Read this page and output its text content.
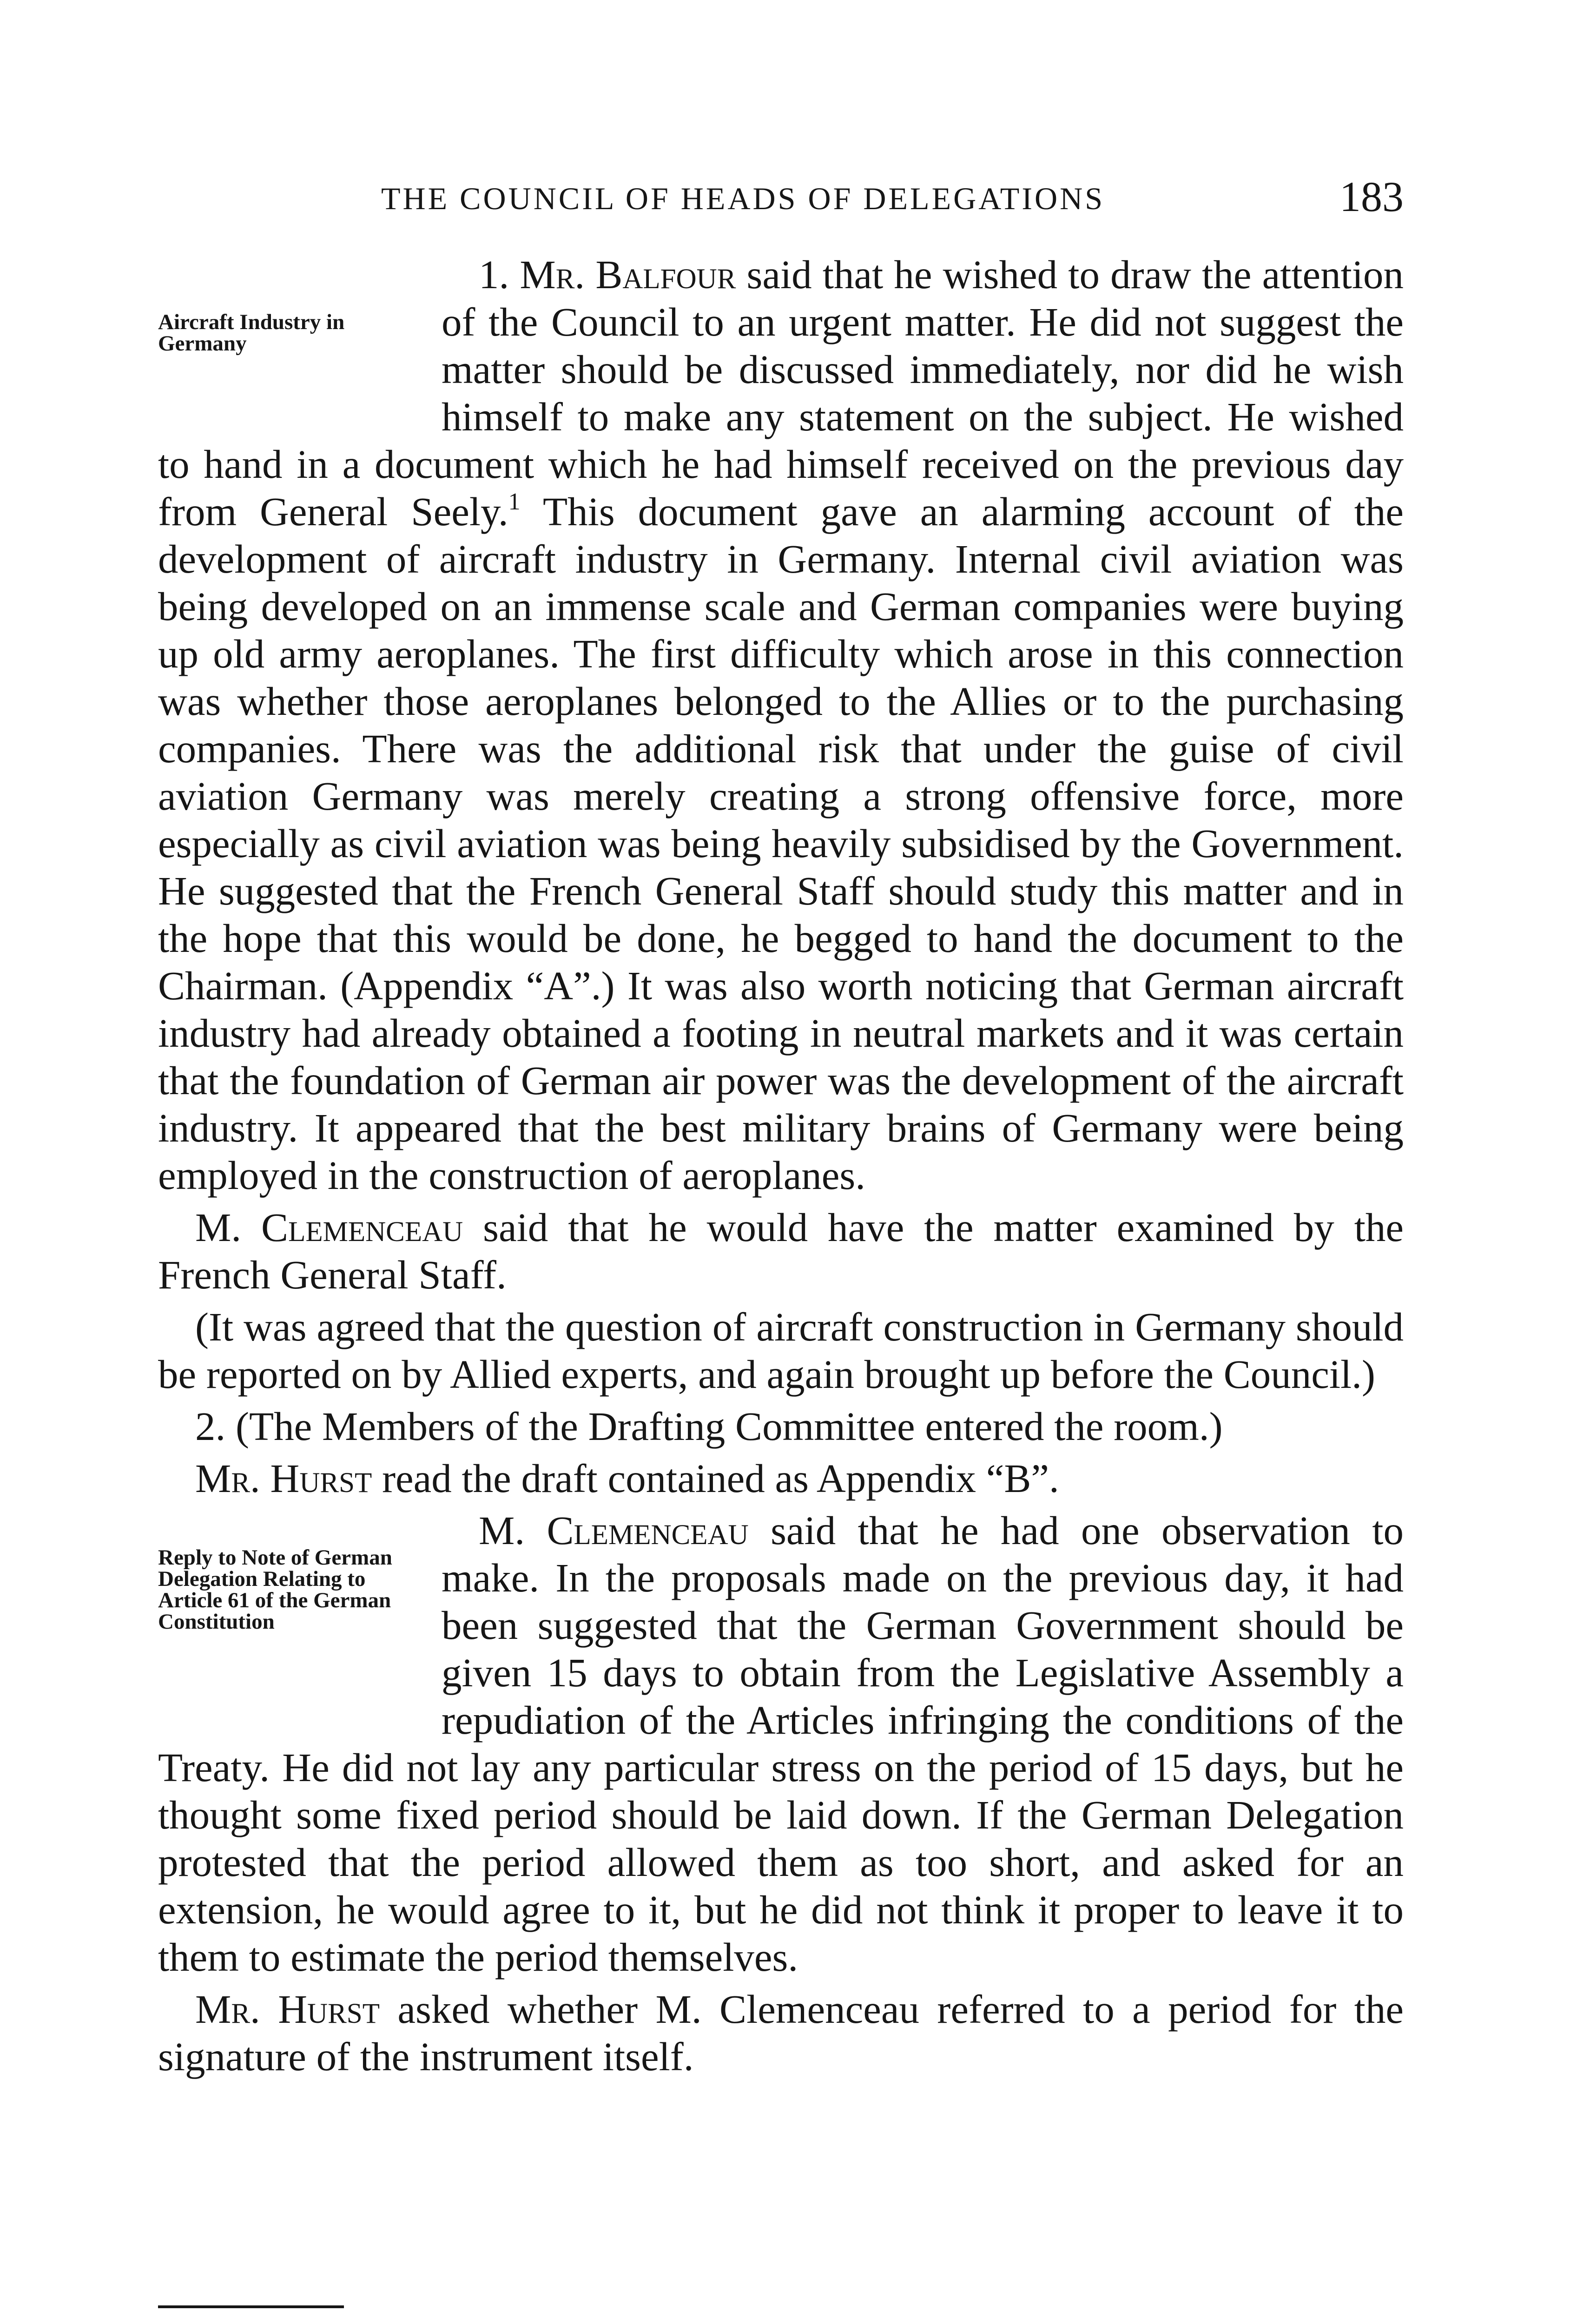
THE COUNCIL OF HEADS OF DELEGATIONS	183

1. Mr. Balfour
Aircraft Industry in Germany
said that he wished to draw the attention of the Council to an urgent matter. He did not suggest the matter should be discussed immediately, nor did he wish himself to make any statement on the subject. He wished to hand in a document which he had himself received on the previous day from General Seely.$^1$ This document gave an alarming account of the development of aircraft industry in Germany. Internal civil aviation was being developed on an immense scale and German companies were buying up old army aeroplanes. The first difficulty which arose in this connection was whether those aeroplanes belonged to the Allies or to the purchasing companies. There was the additional risk that under the guise of civil aviation Germany was merely creating a strong offensive force, more especially as civil aviation was being heavily subsidised by the Government. He suggested that the French General Staff should study this matter and in the hope that this would be done, he begged to hand the document to the Chairman. (Appendix “A”.) It was also worth noticing that German aircraft industry had already obtained a footing in neutral markets and it was certain that the foundation of German air power was the development of the aircraft industry. It appeared that the best military brains of Germany were being employed in the construction of aeroplanes.

M. Clemenceau said that he would have the matter examined by the French General Staff.

(It was agreed that the question of aircraft construction in Germany should be reported on by Allied experts, and again brought up before the Council.)

2. (The Members of the Drafting Committee entered the room.)

Mr. Hurst read the draft contained as Appendix “B”.

Reply to Note of German Delegation Relating to Article 61 of the German Constitution
M. Clemenceau said that he had one observation to make. In the proposals made on the previous day, it had been suggested that the German Government should be given 15 days to obtain from the Legislative Assembly a repudiation of the Articles infringing the conditions of the Treaty. He did not lay any particular stress on the period of 15 days, but he thought some fixed period should be laid down. If the German Delegation protested that the period allowed them as too short, and asked for an extension, he would agree to it, but he did not think it proper to leave it to them to estimate the period themselves.

Mr. Hurst asked whether M. Clemenceau referred to a period for the signature of the instrument itself.
